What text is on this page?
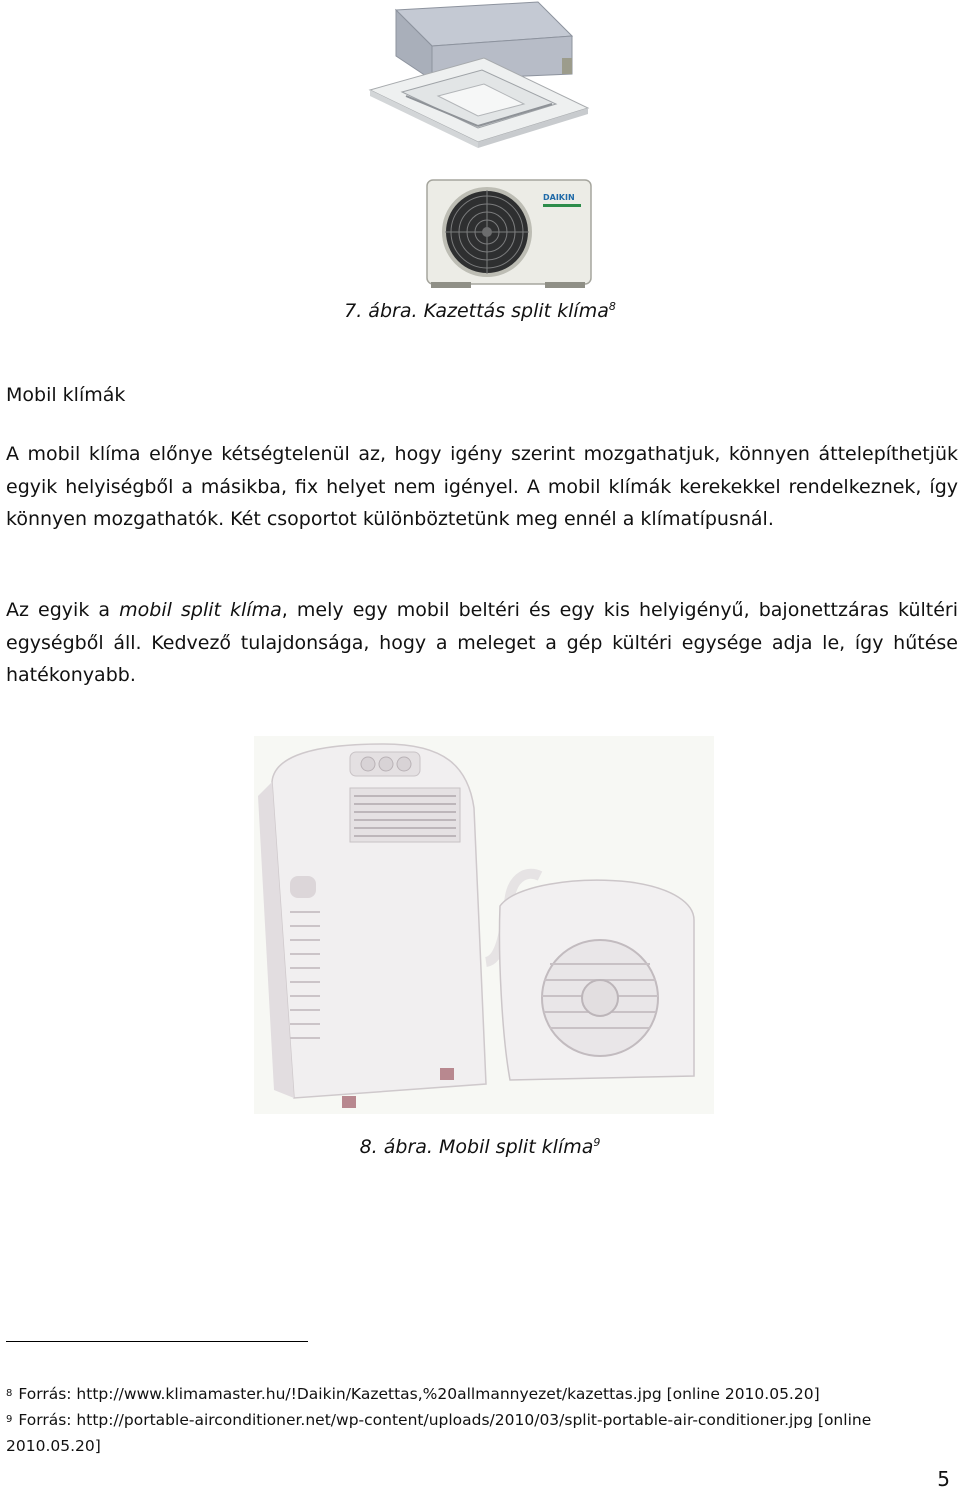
DAIKIN
7. ábra. Kazettás split klíma$^8$
Mobil klímák
A mobil klíma előnye kétségtelenül az, hogy igény szerint mozgathatjuk, könnyen áttelepíthetjük egyik helyiségből a másikba, fix helyet nem igényel. A mobil klímák kerekekkel rendelkeznek, így könnyen mozgathatók. Két csoportot különböztetünk meg ennél a klímatípusnál.
Az egyik a mobil split klíma, mely egy mobil beltéri és egy kis helyigényű, bajonettzáras kültéri egységből áll. Kedvező tulajdonsága, hogy a meleget a gép kültéri egysége adja le, így hűtése hatékonyabb.
8. ábra. Mobil split klíma$^9$
$^8$ Forrás: http://www.klimamaster.hu/!Daikin/Kazettas,%20allmannyezet/kazettas.jpg [online 2010.05.20]
$^9$ Forrás: http://portable-airconditioner.net/wp-content/uploads/2010/03/split-portable-air-conditioner.jpg [online 2010.05.20]
5
